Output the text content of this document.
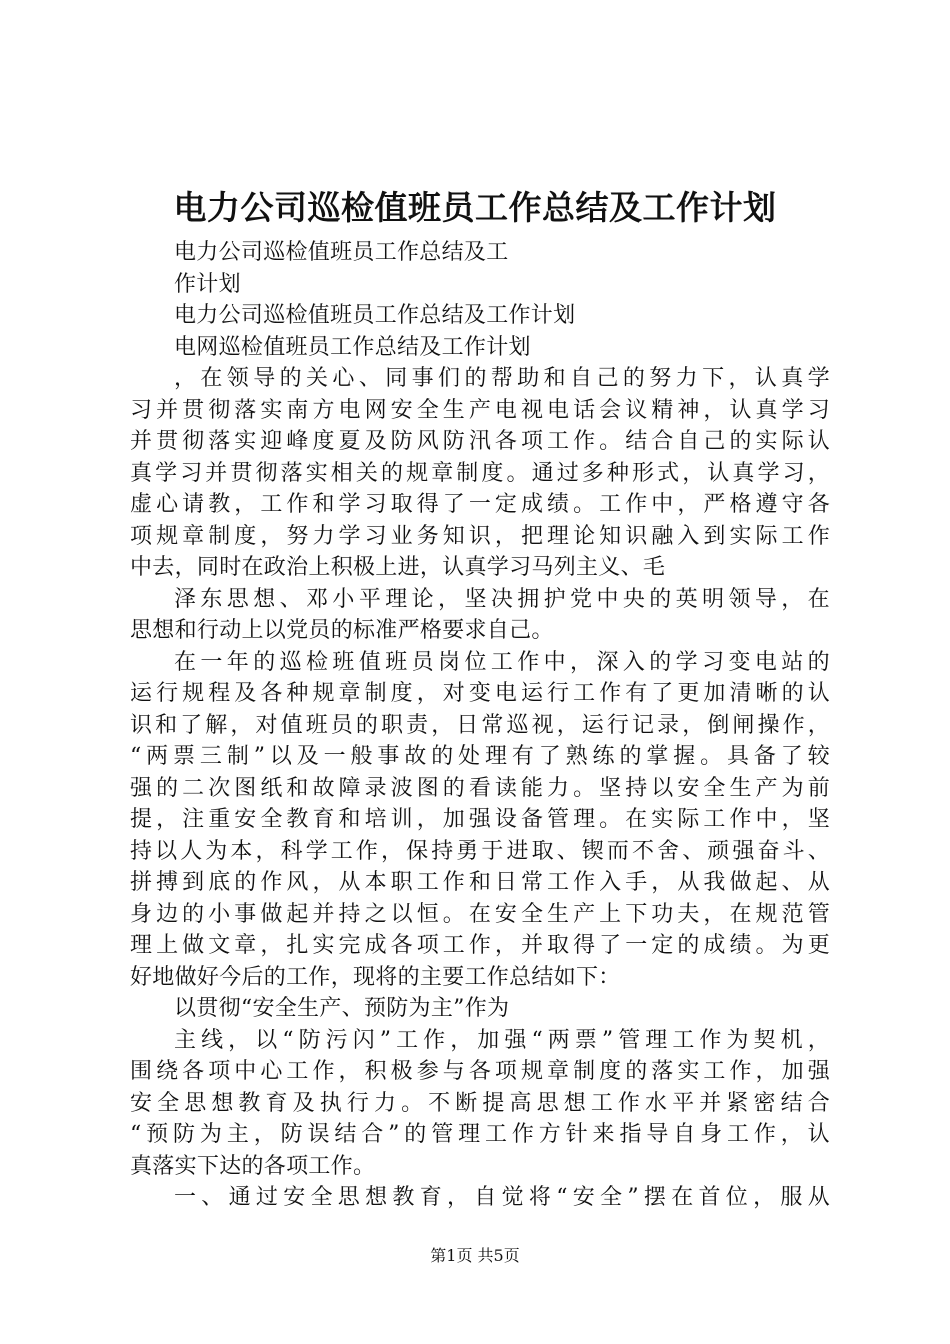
电力公司巡检值班员工作总结及工作计划
电力公司巡检值班员工作总结及工
作计划
电力公司巡检值班员工作总结及工作计划
电网巡检值班员工作总结及工作计划
，在领导的关心、同事们的帮助和自己的努力下，认真学
习并贯彻落实南方电网安全生产电视电话会议精神，认真学习
并贯彻落实迎峰度夏及防风防汛各项工作。结合自己的实际认
真学习并贯彻落实相关的规章制度。通过多种形式，认真学习，
虚心请教，工作和学习取得了一定成绩。工作中，严格遵守各
项规章制度，努力学习业务知识，把理论知识融入到实际工作
中去，同时在政治上积极上进，认真学习马列主义、毛
泽东思想、邓小平理论，坚决拥护党中央的英明领导，在
思想和行动上以党员的标准严格要求自己。
在一年的巡检班值班员岗位工作中，深入的学习变电站的
运行规程及各种规章制度，对变电运行工作有了更加清晰的认
识和了解，对值班员的职责，日常巡视，运行记录，倒闸操作，
“两票三制”以及一般事故的处理有了熟练的掌握。具备了较
强的二次图纸和故障录波图的看读能力。坚持以安全生产为前
提，注重安全教育和培训，加强设备管理。在实际工作中，坚
持以人为本，科学工作，保持勇于进取、锲而不舍、顽强奋斗、
拼搏到底的作风，从本职工作和日常工作入手，从我做起、从
身边的小事做起并持之以恒。在安全生产上下功夫，在规范管
理上做文章，扎实完成各项工作，并取得了一定的成绩。为更
好地做好今后的工作，现将的主要工作总结如下：
以贯彻“安全生产、预防为主”作为
主线，以“防污闪”工作，加强“两票”管理工作为契机，
围绕各项中心工作，积极参与各项规章制度的落实工作，加强
安全思想教育及执行力。不断提高思想工作水平并紧密结合
“预防为主，防误结合”的管理工作方针来指导自身工作，认
真落实下达的各项工作。
一、通过安全思想教育，自觉将“安全”摆在首位，服从
第1页 共5页
